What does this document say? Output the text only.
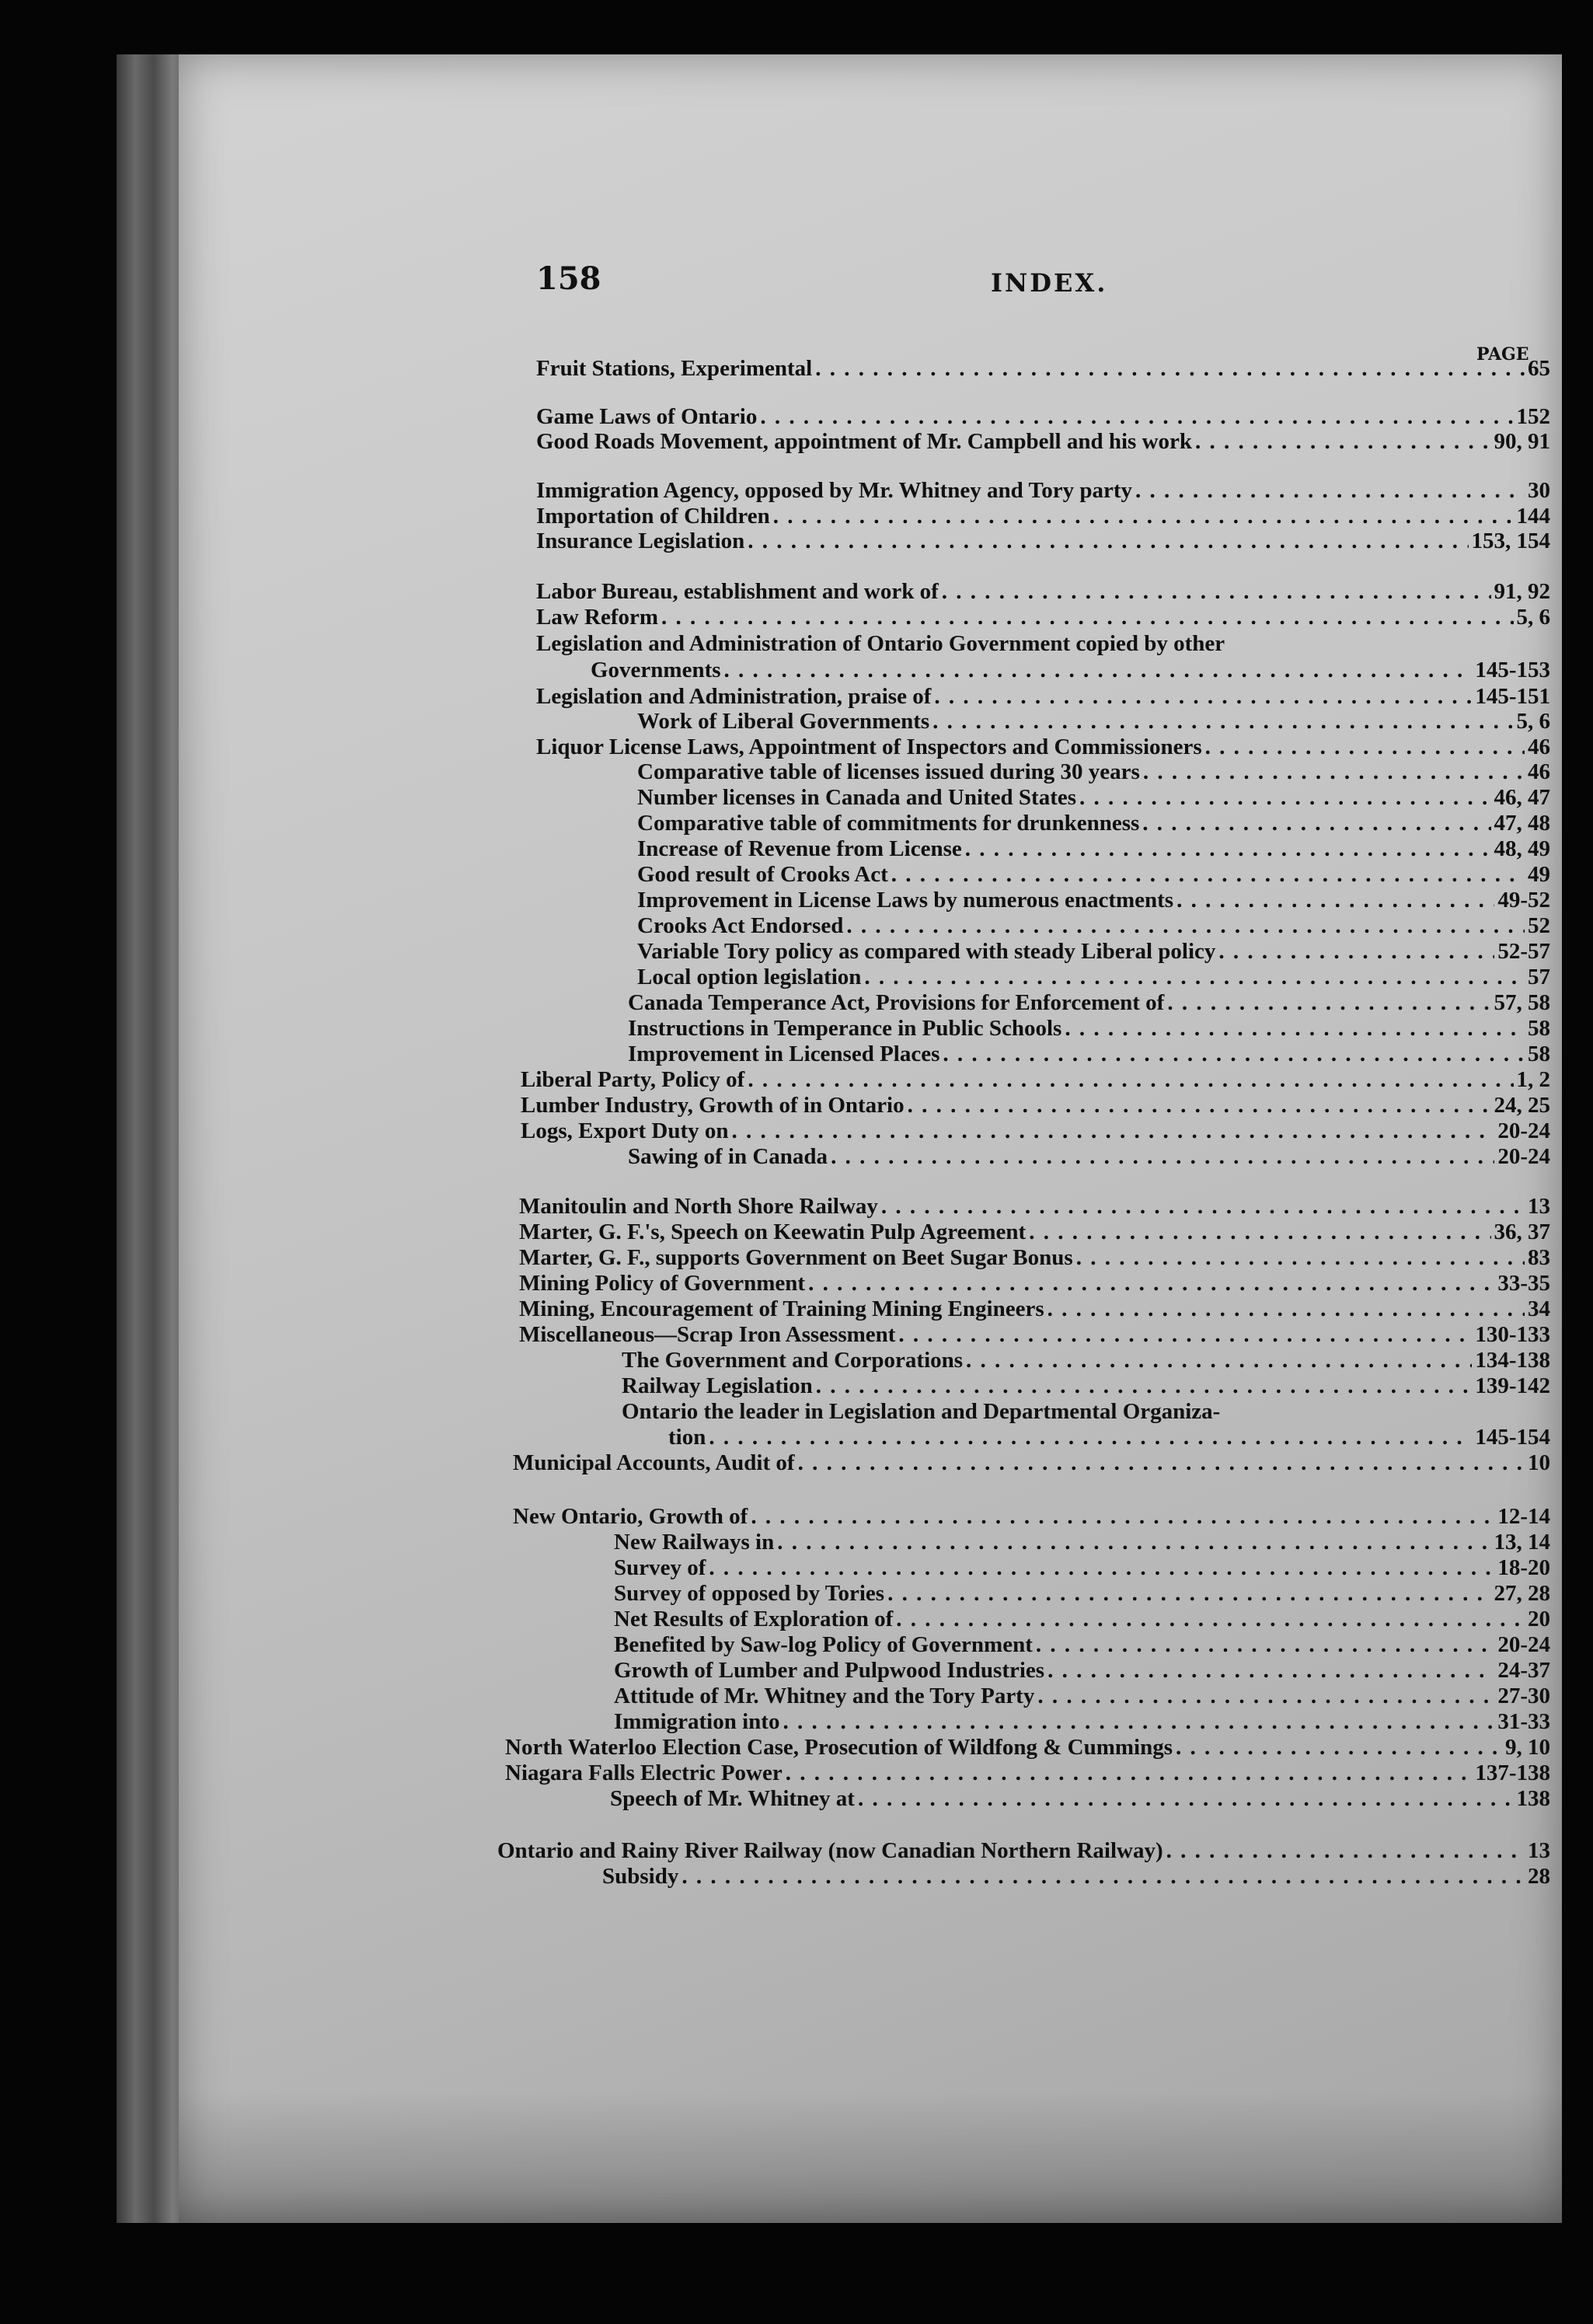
158	INDEX.
PAGE
Fruit Stations, Experimental . . .	65
Game Laws of Ontario . . .	152
Good Roads Movement, appointment of Mr. Campbell and his work . . .	90, 91
Immigration Agency, opposed by Mr. Whitney and Tory party . . .	30
Importation of Children . . .	144
Insurance Legislation . . .	153, 154
Labor Bureau, establishment and work of . . .	91, 92
Law Reform . . .	5, 6
Legislation and Administration of Ontario Government copied by other
Governments . . .	145-153
Legislation and Administration, praise of . . .	145-151
Work of Liberal Governments . . .	5, 6
Liquor License Laws, Appointment of Inspectors and Commissioners . . .	46
Comparative table of licenses issued during 30 years . . .	46
Number licenses in Canada and United States . . .	46, 47
Comparative table of commitments for drunkenness . . .	47, 48
Increase of Revenue from License . . .	48, 49
Good result of Crooks Act . . .	49
Improvement in License Laws by numerous enactments . . .	49-52
Crooks Act Endorsed . . .	52
Variable Tory policy as compared with steady Liberal policy . . .	52-57
Local option legislation . . .	57
Canada Temperance Act, Provisions for Enforcement of . . .	57, 58
Instructions in Temperance in Public Schools . . .	58
Improvement in Licensed Places . . .	58
Liberal Party, Policy of . . .	1, 2
Lumber Industry, Growth of in Ontario . . .	24, 25
Logs, Export Duty on . . .	20-24
Sawing of in Canada . . .	20-24
Manitoulin and North Shore Railway . . .	13
Marter, G. F.'s, Speech on Keewatin Pulp Agreement . . .	36, 37
Marter, G. F., supports Government on Beet Sugar Bonus . . .	83
Mining Policy of Government . . .	33-35
Mining, Encouragement of Training Mining Engineers . . .	34
Miscellaneous—Scrap Iron Assessment . . .	130-133
The Government and Corporations . . .	134-138
Railway Legislation . . .	139-142
Ontario the leader in Legislation and Departmental Organiza-
tion . . .	145-154
Municipal Accounts, Audit of . . .	10
New Ontario, Growth of . . .	12-14
New Railways in . . .	13, 14
Survey of . . .	18-20
Survey of opposed by Tories . . .	27, 28
Net Results of Exploration of . . .	20
Benefited by Saw-log Policy of Government . . .	20-24
Growth of Lumber and Pulpwood Industries . . .	24-37
Attitude of Mr. Whitney and the Tory Party . . .	27-30
Immigration into . . .	31-33
North Waterloo Election Case, Prosecution of Wildfong & Cummings . . .	9, 10
Niagara Falls Electric Power . . .	137-138
Speech of Mr. Whitney at . . .	138
Ontario and Rainy River Railway (now Canadian Northern Railway) . . .	13
Subsidy . . .	28
